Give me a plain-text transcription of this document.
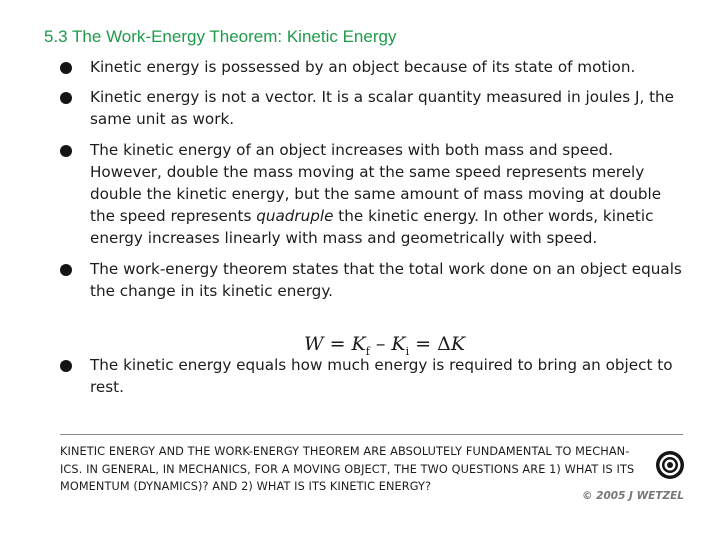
5.3 The Work-Energy Theorem: Kinetic Energy
Kinetic energy is possessed by an object because of its state of motion.
Kinetic energy is not a vector. It is a scalar quantity measured in joules J, the same unit as work.
The kinetic energy of an object increases with both mass and speed. However, double the mass moving at the same speed represents merely double the kinetic energy, but the same amount of mass moving at double the speed represents quadruple the kinetic energy. In other words, kinetic energy increases linearly with mass and geometrically with speed.
The work-energy theorem states that the total work done on an object equals the change in its kinetic energy.
The kinetic energy equals how much energy is required to bring an object to rest.
$W = K_f - K_i = \Delta K$
KINETIC ENERGY AND THE WORK-ENERGY THEOREM ARE ABSOLUTELY FUNDAMENTAL TO MECHAN-ICS. IN GENERAL, IN MECHANICS, FOR A MOVING OBJECT, THE TWO QUESTIONS ARE 1) WHAT IS ITS MOMENTUM (DYNAMICS)? AND 2) WHAT IS ITS KINETIC ENERGY?
© 2005 J WETZEL
